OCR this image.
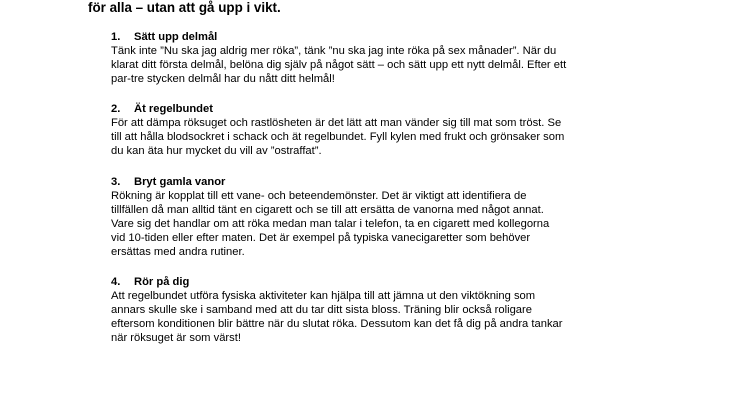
för alla – utan att gå upp i vikt.
1.	Sätt upp delmål
Tänk inte ”Nu ska jag aldrig mer röka”, tänk ”nu ska jag inte röka på sex månader”. När du
klarat ditt första delmål, belöna dig själv på något sätt – och sätt upp ett nytt delmål. Efter ett
par-tre stycken delmål har du nått ditt helmål!
2.	Ät regelbundet
För att dämpa röksuget och rastlösheten är det lätt att man vänder sig till mat som tröst. Se
till att hålla blodsockret i schack och ät regelbundet. Fyll kylen med frukt och grönsaker som
du kan äta hur mycket du vill av ”ostraffat”.
3.	Bryt gamla vanor
Rökning är kopplat till ett vane- och beteendemönster. Det är viktigt att identifiera de
tillfällen då man alltid tänt en cigarett och se till att ersätta de vanorna med något annat.
Vare sig det handlar om att röka medan man talar i telefon, ta en cigarett med kollegorna
vid 10-tiden eller efter maten. Det är exempel på typiska vanecigaretter som behöver
ersättas med andra rutiner.
4.	Rör på dig
Att regelbundet utföra fysiska aktiviteter kan hjälpa till att jämna ut den viktökning som
annars skulle ske i samband med att du tar ditt sista bloss. Träning blir också roligare
eftersom konditionen blir bättre när du slutat röka. Dessutom kan det få dig på andra tankar
när röksuget är som värst!
